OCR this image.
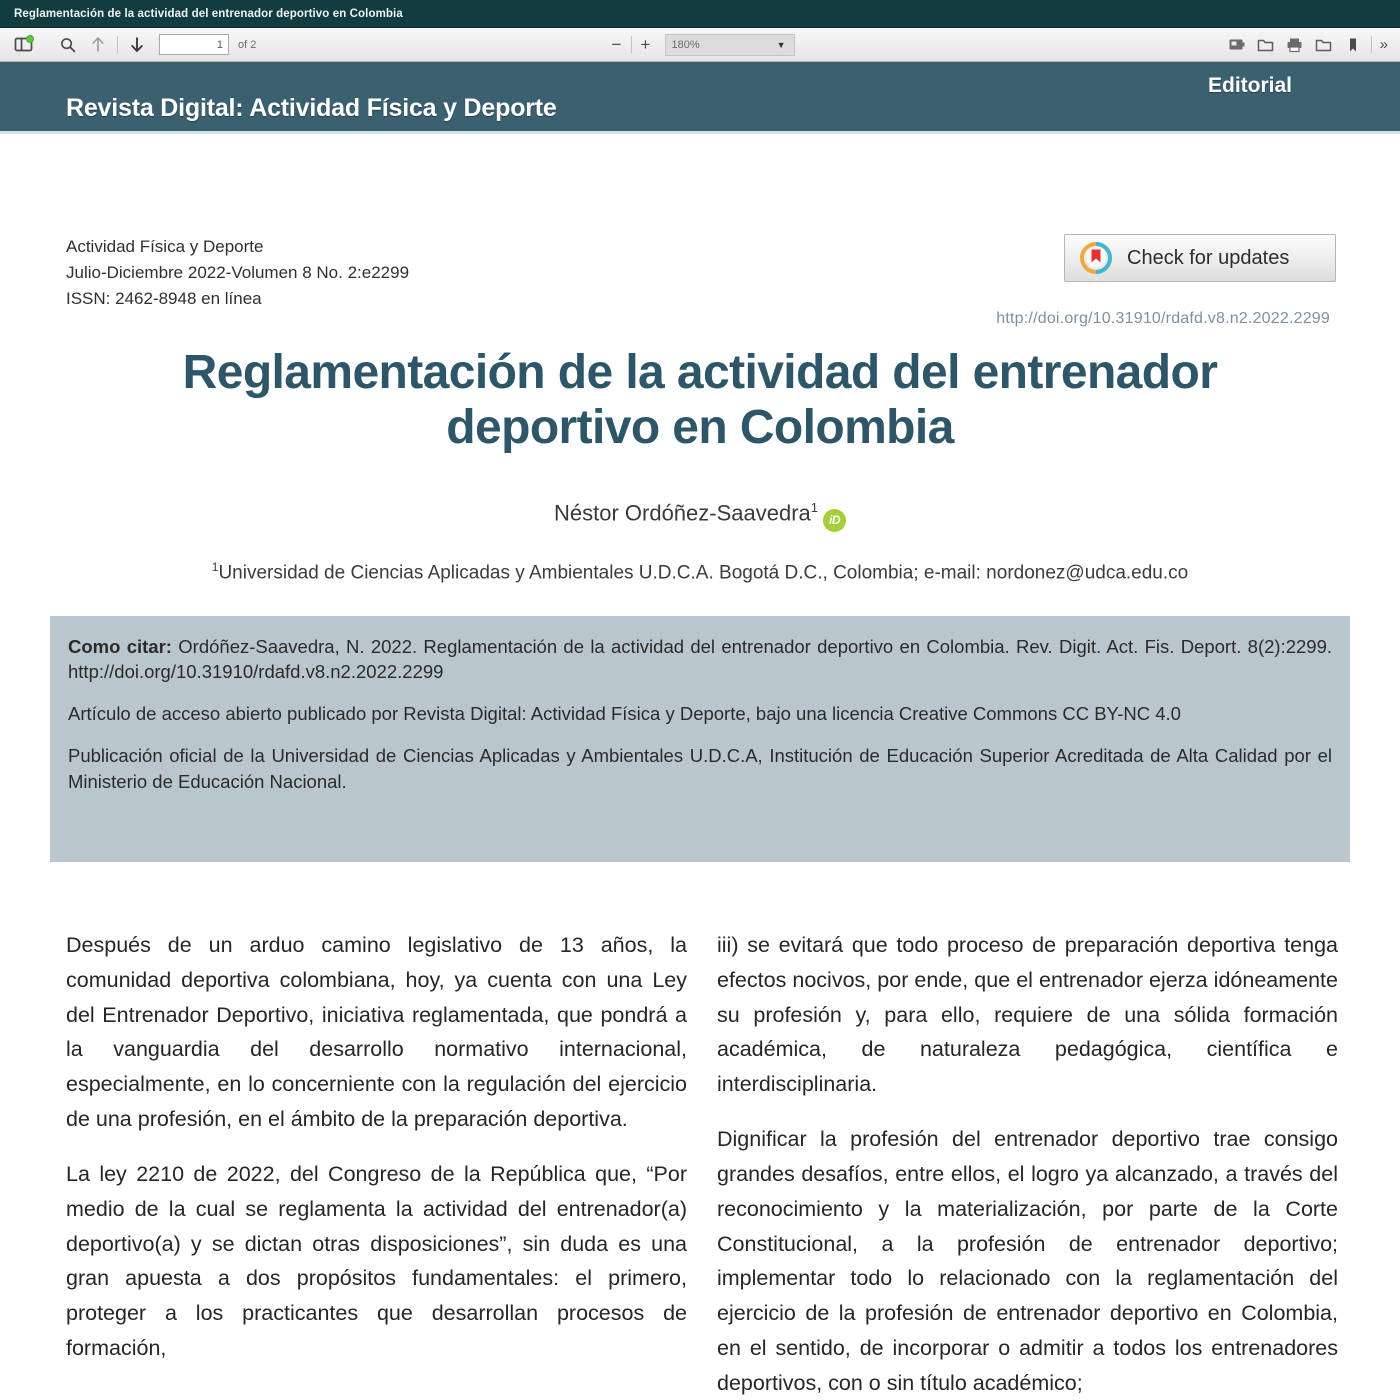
Reglamentación de la actividad del entrenador deportivo en Colombia
1
of 2	−	+	180%	▼	»
Revista Digital: Actividad Física y Deporte
Editorial
Actividad Física y Deporte
Julio-Diciembre 2022-Volumen 8 No. 2:e2299
ISSN: 2462-8948 en línea
Check for updates
http://doi.org/10.31910/rdafd.v8.n2.2022.2299
Reglamentación de la actividad del entrenador deportivo en Colombia
Néstor Ordóñez-Saavedra$^1$iD
$^1$Universidad de Ciencias Aplicadas y Ambientales U.D.C.A. Bogotá D.C., Colombia; e-mail: nordonez@udca.edu.co

Como citar: Ordóñez-Saavedra, N. 2022. Reglamentación de la actividad del entrenador deportivo en Colombia. Rev. Digit. Act. Fis. Deport. 8(2):2299. http://doi.org/10.31910/rdafd.v8.n2.2022.2299

Artículo de acceso abierto publicado por Revista Digital: Actividad Física y Deporte, bajo una licencia Creative Commons CC BY-NC 4.0

Publicación oficial de la Universidad de Ciencias Aplicadas y Ambientales U.D.C.A, Institución de Educación Superior Acreditada de Alta Calidad por el Ministerio de Educación Nacional.

Después de un arduo camino legislativo de 13 años, la comunidad deportiva colombiana, hoy, ya cuenta con una Ley del Entrenador Deportivo, iniciativa reglamentada, que pondrá a la vanguardia del desarrollo normativo internacional, especialmente, en lo concerniente con la regulación del ejercicio de una profesión, en el ámbito de la preparación deportiva.

La ley 2210 de 2022, del Congreso de la República que, “Por medio de la cual se reglamenta la actividad del entrenador(a) deportivo(a) y se dictan otras disposiciones”, sin duda es una gran apuesta a dos propósitos fundamentales: el primero, proteger a los practicantes que desarrollan procesos de formación,

iii) se evitará que todo proceso de preparación deportiva tenga efectos nocivos, por ende, que el entrenador ejerza idóneamente su profesión y, para ello, requiere de una sólida formación académica, de naturaleza pedagógica, científica e interdisciplinaria.

Dignificar la profesión del entrenador deportivo trae consigo grandes desafíos, entre ellos, el logro ya alcanzado, a través del reconocimiento y la materialización, por parte de la Corte Constitucional, a la profesión de entrenador deportivo; implementar todo lo relacionado con la reglamentación del ejercicio de la profesión de entrenador deportivo en Colombia, en el sentido, de incorporar o admitir a todos los entrenadores deportivos, con o sin título académico;
